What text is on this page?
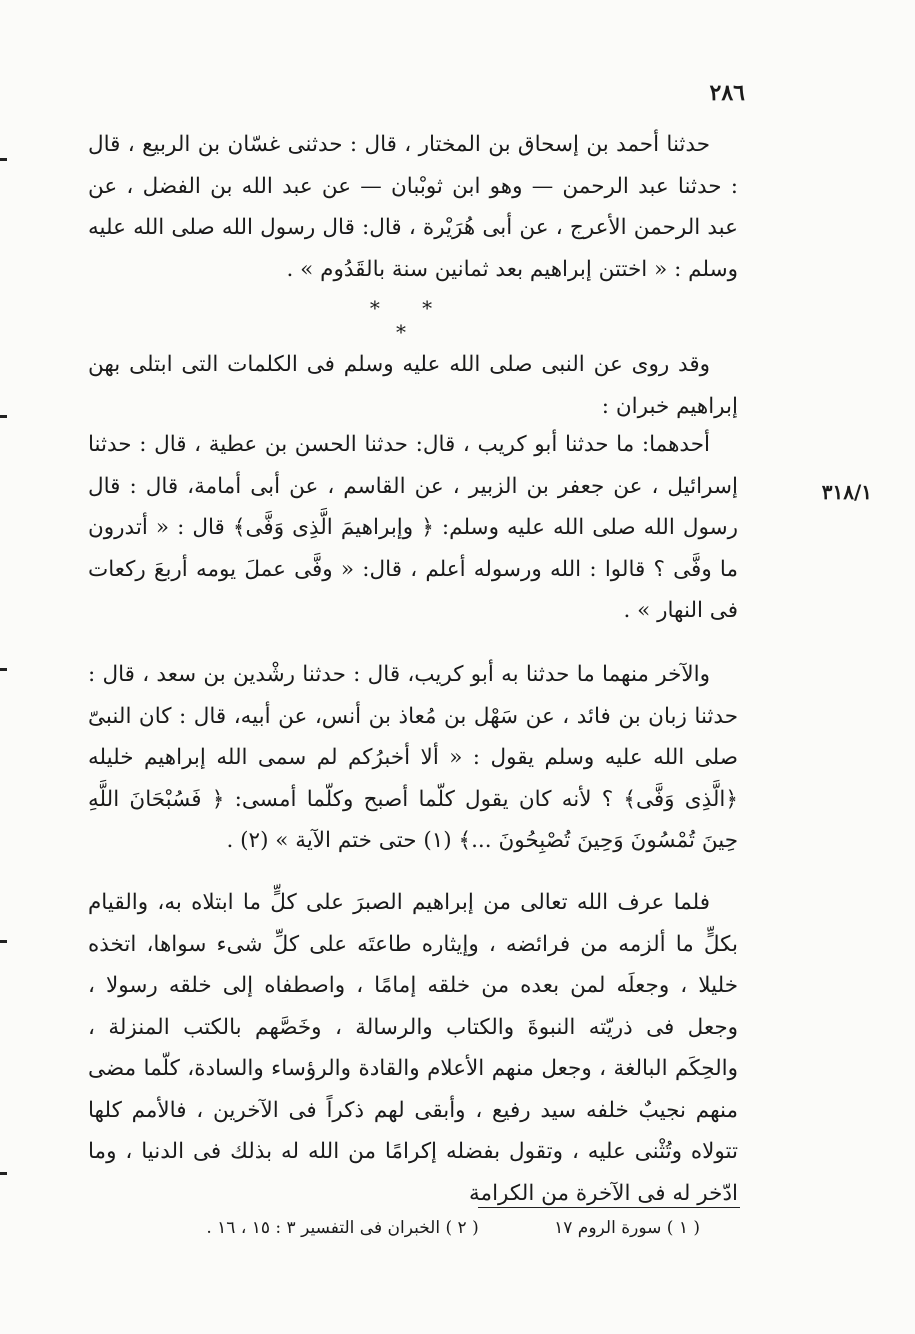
٢٨٦
٣١٨/١

حدثنا أحمد بن إسحاق بن المختار ، قال : حدثنى غسّان بن الربيع ، قال : حدثنا عبد الرحمن — وهو ابن ثوبْبان — عن عبد الله بن الفضل ، عن عبد الرحمن الأعرج ، عن أبى هُرَيْرة ، قال: قال رسول الله صلى الله عليه وسلم : « اختتن إبراهيم بعد ثمانين سنة بالقَدُوم » .

* * *

وقد روى عن النبى صلى الله عليه وسلم فى الكلمات التى ابتلى بهن إبراهيم خبران :

أحدهما: ما حدثنا أبو كريب ، قال: حدثنا الحسن بن عطية ، قال : حدثنا إسرائيل ، عن جعفر بن الزبير ، عن القاسم ، عن أبى أمامة، قال : قال رسول الله صلى الله عليه وسلم: ﴿ وإبراهيمَ الَّذِى وَفَّى﴾ قال : « أتدرون ما وفَّى ؟ قالوا : الله ورسوله أعلم ، قال: « وفَّى عملَ يومه أربعَ ركعات فى النهار » .

والآخر منهما ما حدثنا به أبو كريب، قال : حدثنا رشْدين بن سعد ، قال : حدثنا زبان بن فائد ، عن سَهْل بن مُعاذ بن أنس، عن أبيه، قال : كان النبىّ صلى الله عليه وسلم يقول : « ألا أخبرُكم لم سمى الله إبراهيم خليله ﴿الَّذِى وَفَّى﴾ ؟ لأنه كان يقول كلّما أصبح وكلّما أمسى: ﴿ فَسُبْحَانَ اللَّهِ حِينَ تُمْسُونَ وَحِينَ تُصْبِحُونَ ...﴾ (١) حتى ختم الآية » (٢) .

فلما عرف الله تعالى من إبراهيم الصبرَ على كلٍّ ما ابتلاه به، والقيام بكلٍّ ما ألزمه من فرائضه ، وإيثاره طاعتَه على كلِّ شىء سواها، اتخذه خليلا ، وجعلَه لمن بعده من خلقه إمامًا ، واصطفاه إلى خلقه رسولا ، وجعل فى ذريّته النبوةَ والكتاب والرسالة ، وخَصَّهم بالكتب المنزلة ، والحِكَم البالغة ، وجعل منهم الأعلام والقادة والرؤساء والسادة، كلّما مضى منهم نجيبٌ خلفه سيد رفيع ، وأبقى لهم ذكراً فى الآخرين ، فالأمم كلها تتولاه وتُثْنى عليه ، وتقول بفضله إكرامًا من الله له بذلك فى الدنيا ، وما ادّخر له فى الآخرة من الكرامة

( ١ ) سورة الروم ١٧ ( ٢ ) الخبران فى التفسير ٣ : ١٥ ، ١٦ .
